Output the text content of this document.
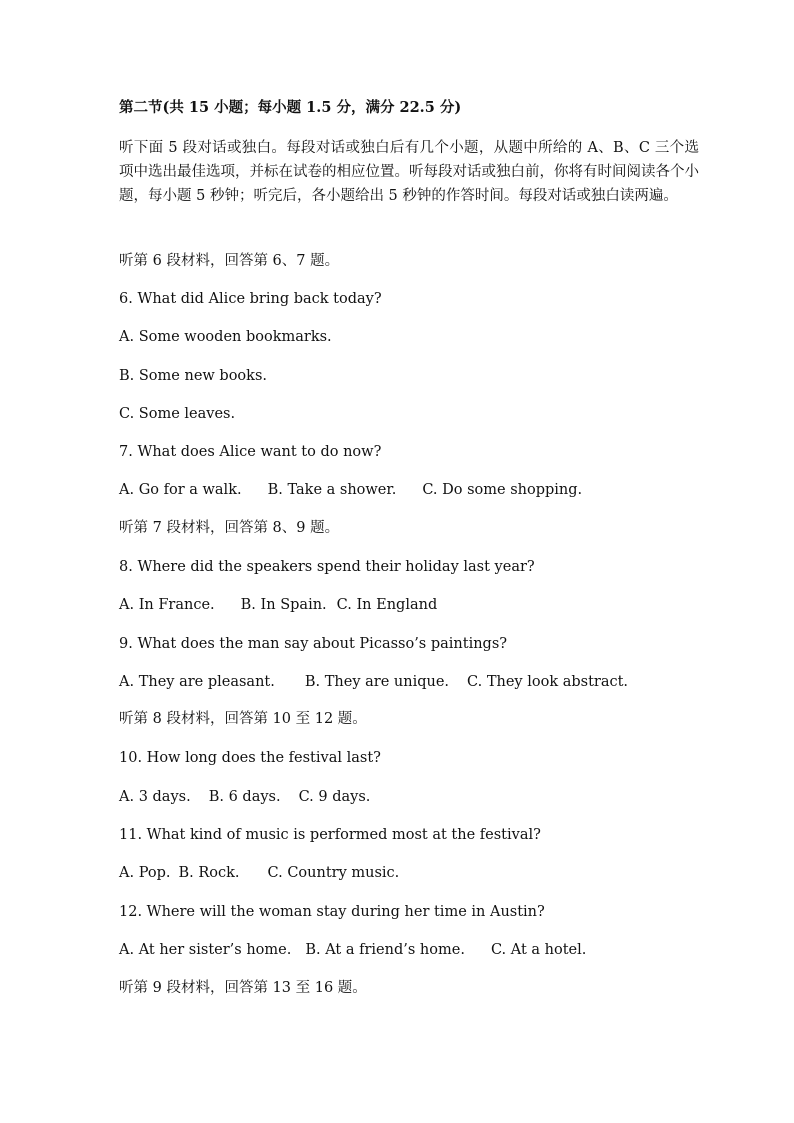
第二节(共 15 小题；每小题 1.5 分，满分 22.5 分)
听下面 5 段对话或独白。每段对话或独白后有几个小题，从题中所给的 A、B、C 三个选项中选出最佳选项，并标在试卷的相应位置。听每段对话或独白前，你将有时间阅读各个小题，每小题 5 秒钟；听完后，各小题给出 5 秒钟的作答时间。每段对话或独白读两遍。
听第 6 段材料，回答第 6、7 题。
6. What did Alice bring back today?
A. Some wooden bookmarks.
B. Some new books.
C. Some leaves.
7. What does Alice want to do now?
A. Go for a walk. B. Take a shower. C. Do some shopping.
听第 7 段材料，回答第 8、9 题。
8. Where did the speakers spend their holiday last year?
A. In France. B. In Spain. C. In England
9. What does the man say about Picasso’s paintings?
A. They are pleasant. B. They are unique. C. They look abstract.
听第 8 段材料，回答第 10 至 12 题。
10. How long does the festival last?
A. 3 days. B. 6 days. C. 9 days.
11. What kind of music is performed most at the festival?
A. Pop. B. Rock. C. Country music.
12. Where will the woman stay during her time in Austin?
A. At her sister’s home. B. At a friend’s home. C. At a hotel.
听第 9 段材料，回答第 13 至 16 题。
